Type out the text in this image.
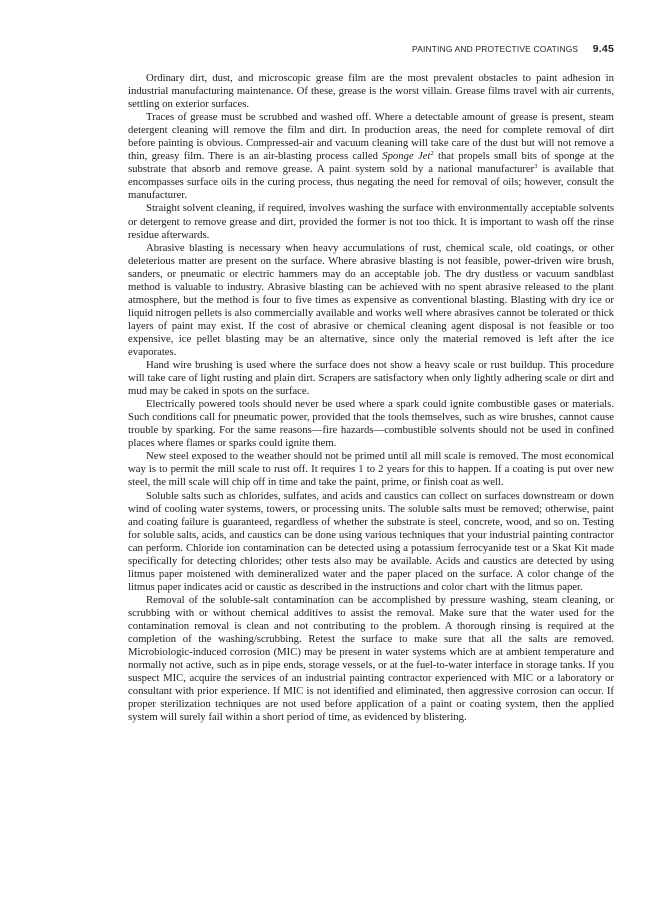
PAINTING AND PROTECTIVE COATINGS 9.45

Ordinary dirt, dust, and microscopic grease film are the most prevalent obstacles to paint adhesion in industrial manufacturing maintenance. Of these, grease is the worst villain. Grease films travel with air currents, settling on exterior surfaces.

Traces of grease must be scrubbed and washed off. Where a detectable amount of grease is present, steam detergent cleaning will remove the film and dirt. In production areas, the need for complete removal of dirt before painting is obvious. Compressed-air and vacuum cleaning will take care of the dust but will not remove a thin, greasy film. There is an air-blasting process called Sponge Jet$^2$ that propels small bits of sponge at the substrate that absorb and remove grease. A paint system sold by a national manufacturer$^3$ is available that encompasses surface oils in the curing process, thus negating the need for removal of oils; however, consult the manufacturer.

Straight solvent cleaning, if required, involves washing the surface with environmentally acceptable solvents or detergent to remove grease and dirt, provided the former is not too thick. It is important to wash off the rinse residue afterwards.

Abrasive blasting is necessary when heavy accumulations of rust, chemical scale, old coatings, or other deleterious matter are present on the surface. Where abrasive blasting is not feasible, power-driven wire brush, sanders, or pneumatic or electric hammers may do an acceptable job. The dry dustless or vacuum sandblast method is valuable to industry. Abrasive blasting can be achieved with no spent abrasive released to the plant atmosphere, but the method is four to five times as expensive as conventional blasting. Blasting with dry ice or liquid nitrogen pellets is also commercially available and works well where abrasives cannot be tolerated or thick layers of paint may exist. If the cost of abrasive or chemical cleaning agent disposal is not feasible or too expensive, ice pellet blasting may be an alternative, since only the material removed is left after the ice evaporates.

Hand wire brushing is used where the surface does not show a heavy scale or rust buildup. This procedure will take care of light rusting and plain dirt. Scrapers are satisfactory when only lightly adhering scale or dirt and mud may be caked in spots on the surface.

Electrically powered tools should never be used where a spark could ignite combustible gases or materials. Such conditions call for pneumatic power, provided that the tools themselves, such as wire brushes, cannot cause trouble by sparking. For the same reasons—fire hazards—combustible solvents should not be used in confined places where flames or sparks could ignite them.

New steel exposed to the weather should not be primed until all mill scale is removed. The most economical way is to permit the mill scale to rust off. It requires 1 to 2 years for this to happen. If a coating is put over new steel, the mill scale will chip off in time and take the paint, prime, or finish coat as well.

Soluble salts such as chlorides, sulfates, and acids and caustics can collect on surfaces downstream or down wind of cooling water systems, towers, or processing units. The soluble salts must be removed; otherwise, paint and coating failure is guaranteed, regardless of whether the substrate is steel, concrete, wood, and so on. Testing for soluble salts, acids, and caustics can be done using various techniques that your industrial painting contractor can perform. Chloride ion contamination can be detected using a potassium ferrocyanide test or a Skat Kit made specifically for detecting chlorides; other tests also may be available. Acids and caustics are detected by using litmus paper moistened with demineralized water and the paper placed on the surface. A color change of the litmus paper indicates acid or caustic as described in the instructions and color chart with the litmus paper.

Removal of the soluble-salt contamination can be accomplished by pressure washing, steam cleaning, or scrubbing with or without chemical additives to assist the removal. Make sure that the water used for the contamination removal is clean and not contributing to the problem. A thorough rinsing is required at the completion of the washing/scrubbing. Retest the surface to make sure that all the salts are removed. Microbiologic-induced corrosion (MIC) may be present in water systems which are at ambient temperature and normally not active, such as in pipe ends, storage vessels, or at the fuel-to-water interface in storage tanks. If you suspect MIC, acquire the services of an industrial painting contractor experienced with MIC or a laboratory or consultant with prior experience. If MIC is not identified and eliminated, then aggressive corrosion can occur. If proper sterilization techniques are not used before application of a paint or coating system, then the applied system will surely fail within a short period of time, as evidenced by blistering.
